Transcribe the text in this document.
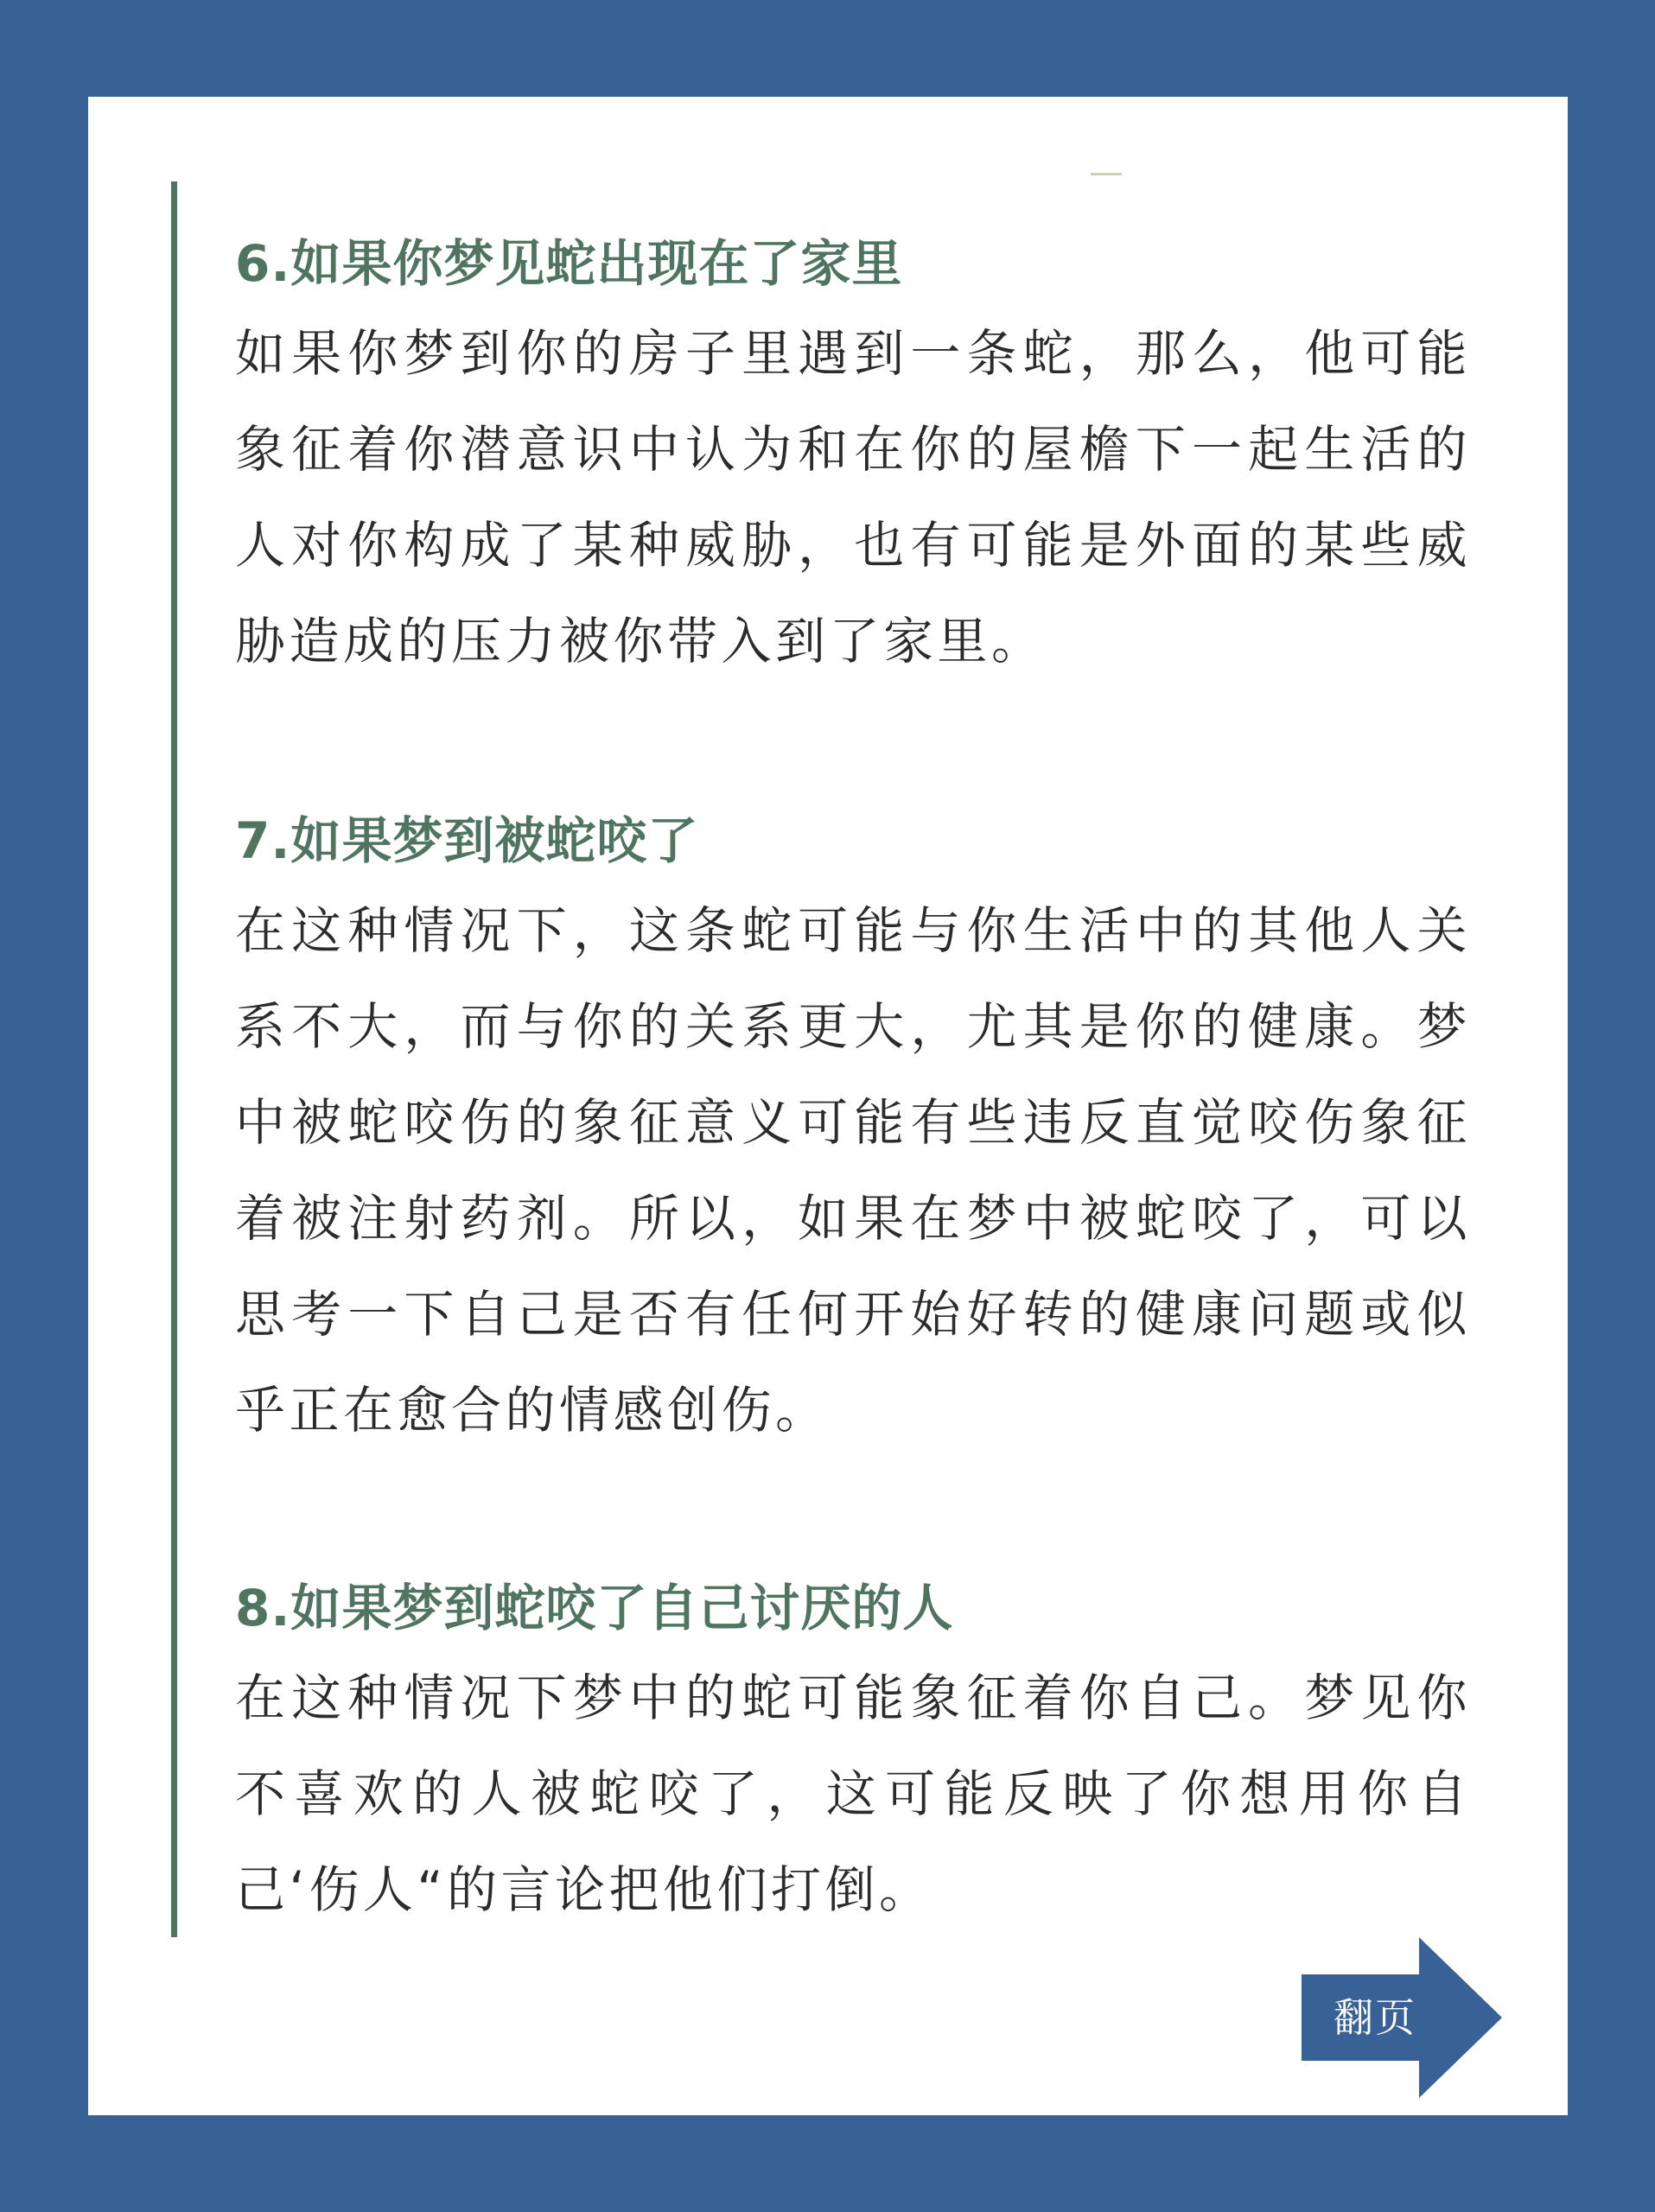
6.如果你梦见蛇出现在了家里

如果你梦到你的房子里遇到一条蛇，那么，他可能象征着你潜意识中认为和在你的屋檐下一起生活的人对你构成了某种威胁，也有可能是外面的某些威胁造成的压力被你带入到了家里。

7.如果梦到被蛇咬了

在这种情况下，这条蛇可能与你生活中的其他人关系不大，而与你的关系更大，尤其是你的健康。梦中被蛇咬伤的象征意义可能有些违反直觉咬伤象征着被注射药剂。所以，如果在梦中被蛇咬了，可以思考一下自己是否有任何开始好转的健康问题或似乎正在愈合的情感创伤。

8.如果梦到蛇咬了自己讨厌的人

在这种情况下梦中的蛇可能象征着你自己。梦见你不喜欢的人被蛇咬了，这可能反映了你想用你自己‘伤人“的言论把他们打倒。

翻页
